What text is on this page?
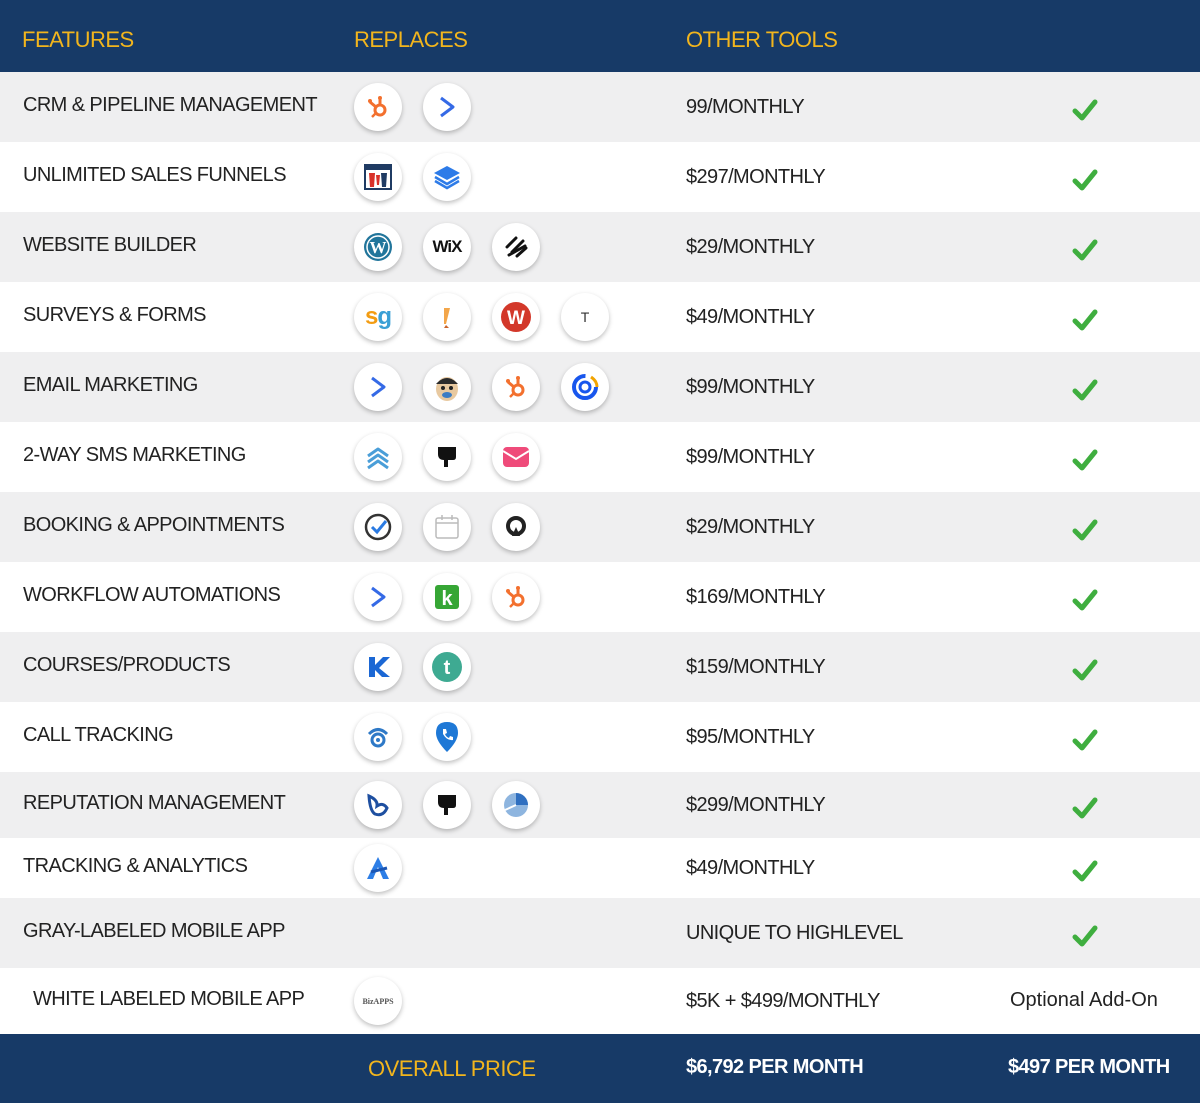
FEATURES	REPLACES	OTHER TOOLS
CRM & PIPELINE MANAGEMENT	99/MONTHLY
UNLIMITED SALES FUNNELS	$297/MONTHLY
WEBSITE BUILDER	W	WiX	$29/MONTHLY
SURVEYS & FORMS	sg	W	T	$49/MONTHLY
EMAIL MARKETING	$99/MONTHLY
2-WAY SMS MARKETING	$99/MONTHLY
BOOKING & APPOINTMENTS	$29/MONTHLY
WORKFLOW AUTOMATIONS	k	$169/MONTHLY
COURSES/PRODUCTS	t	$159/MONTHLY
CALL TRACKING	$95/MONTHLY
REPUTATION MANAGEMENT	$299/MONTHLY
TRACKING & ANALYTICS	$49/MONTHLY
GRAY-LABELED MOBILE APP	UNIQUE TO HIGHLEVEL
WHITE LABELED MOBILE APP	BizAPPS	$5K + $499/MONTHLY	Optional Add-On
OVERALL PRICE	$6,792 PER MONTH	$497 PER MONTH
